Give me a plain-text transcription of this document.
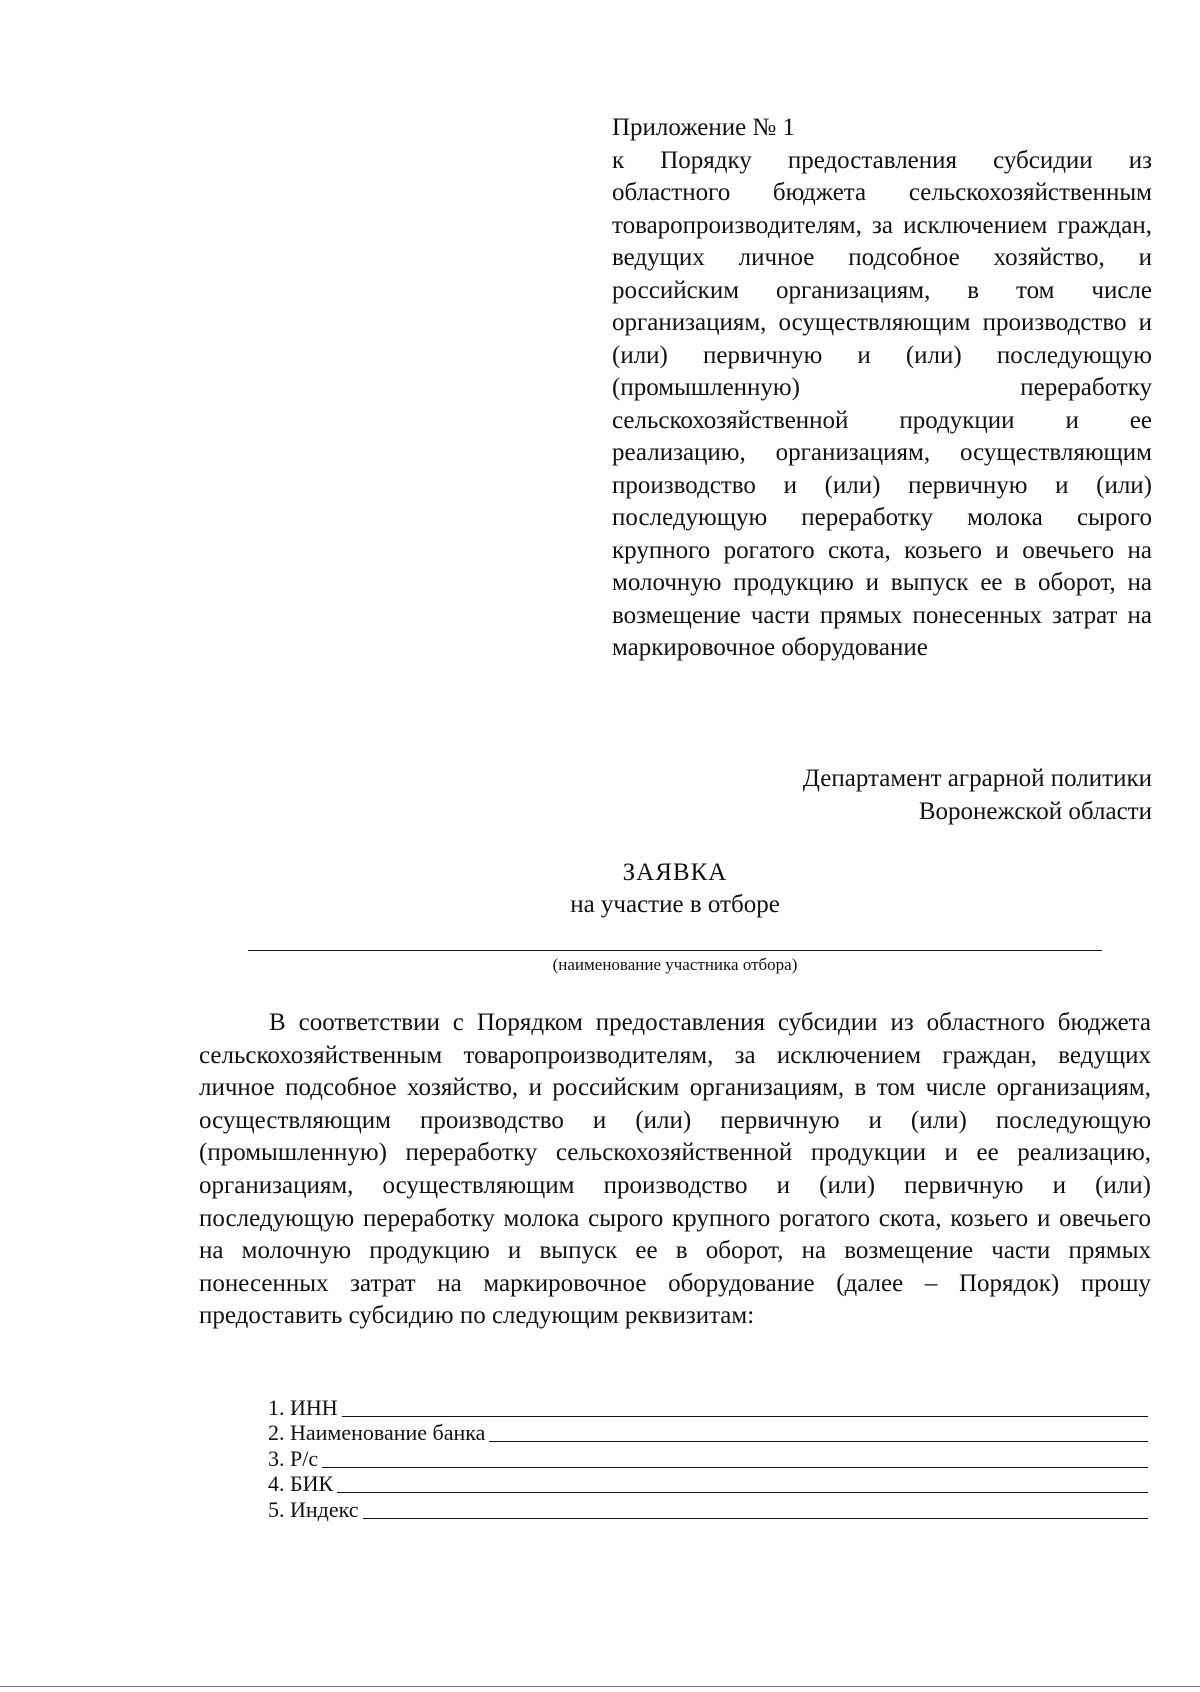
Приложение № 1
к Порядку предоставления субсидии из областного бюджета сельскохозяйственным товаропроизводителям, за исключением граждан, ведущих личное подсобное хозяйство, и российским организациям, в том числе организациям, осуществляющим производство и (или) первичную и (или) последующую (промышленную) переработку сельскохозяйственной продукции и ее реализацию, организациям, осуществляющим производство и (или) первичную и (или) последующую переработку молока сырого крупного рогатого скота, козьего и овечьего на молочную продукцию и выпуск ее в оборот, на возмещение части прямых понесенных затрат на маркировочное оборудование
Департамент аграрной политики
Воронежской области
ЗАЯВКА
на участие в отборе
(наименование участника отбора)
В соответствии с Порядком предоставления субсидии из областного бюджета сельскохозяйственным товаропроизводителям, за исключением граждан, ведущих личное подсобное хозяйство, и российским организациям, в том числе организациям, осуществляющим производство и (или) первичную и (или) последующую (промышленную) переработку сельскохозяйственной продукции и ее реализацию, организациям, осуществляющим производство и (или) первичную и (или) последующую переработку молока сырого крупного рогатого скота, козьего и овечьего на молочную продукцию и выпуск ее в оборот, на возмещение части прямых понесенных затрат на маркировочное оборудование (далее – Порядок) прошу предоставить субсидию по следующим реквизитам:
1. ИНН
2. Наименование банка
3. Р/с
4. БИК
5. Индекс
